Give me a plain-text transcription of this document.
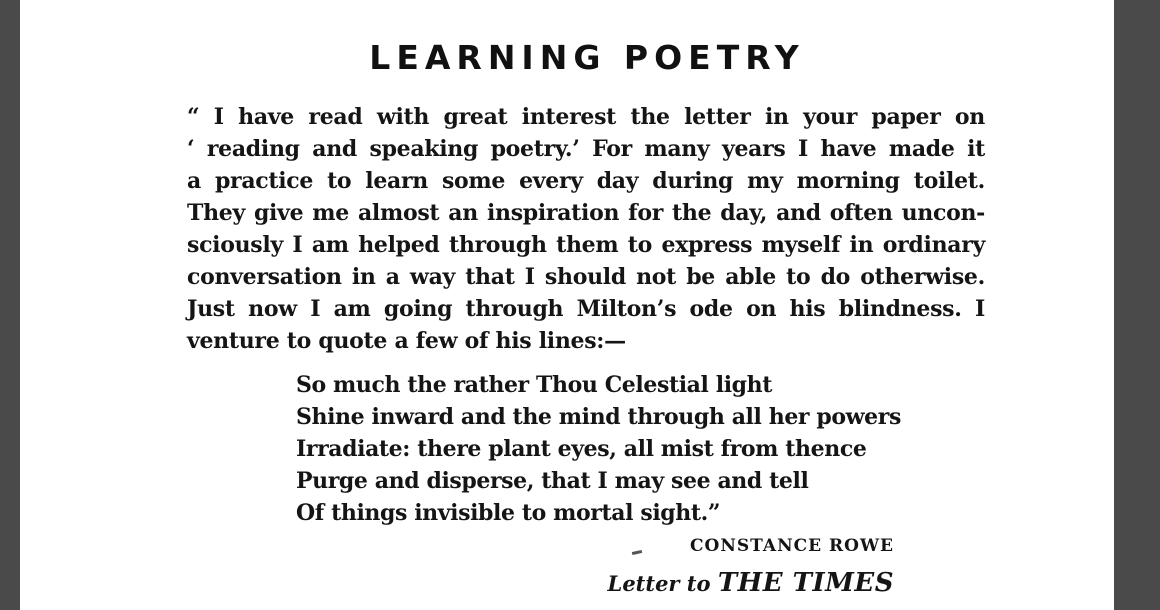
LEARNING POETRY
“ I have read with great interest the letter in your paper on
‘ reading and speaking poetry.’ For many years I have made it
a practice to learn some every day during my morning toilet.
They give me almost an inspiration for the day, and often uncon-
sciously I am helped through them to express myself in ordinary
conversation in a way that I should not be able to do otherwise.
Just now I am going through Milton’s ode on his blindness. I
venture to quote a few of his lines:—
So much the rather Thou Celestial light
Shine inward and the mind through all her powers
Irradiate: there plant eyes, all mist from thence
Purge and disperse, that I may see and tell
Of things invisible to mortal sight.”
CONSTANCE ROWE
Letter to THE TIMES
